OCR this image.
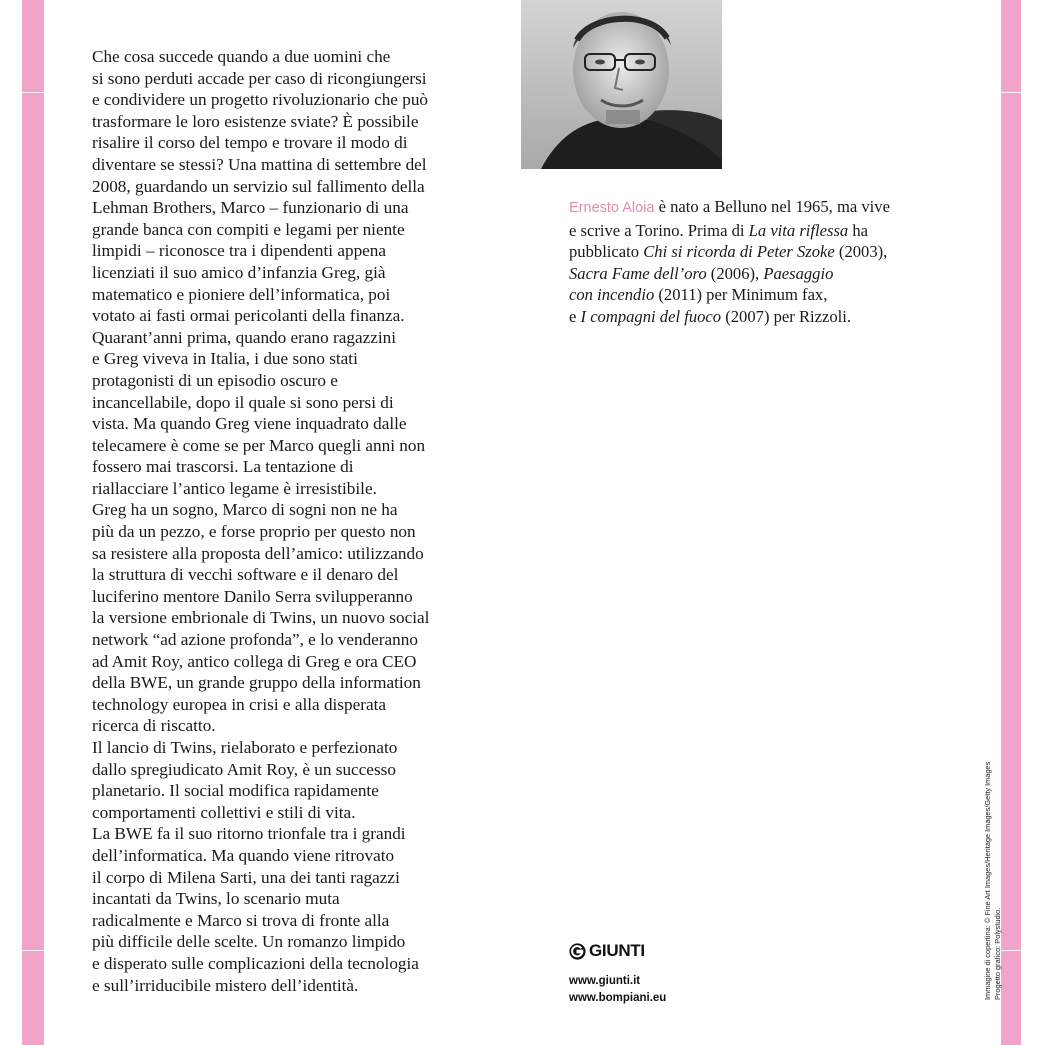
Che cosa succede quando a due uomini che
si sono perduti accade per caso di ricongiungersi
e condividere un progetto rivoluzionario che può
trasformare le loro esistenze sviate? È possibile
risalire il corso del tempo e trovare il modo di
diventare se stessi? Una mattina di settembre del
2008, guardando un servizio sul fallimento della
Lehman Brothers, Marco – funzionario di una
grande banca con compiti e legami per niente
limpidi – riconosce tra i dipendenti appena
licenziati il suo amico d’infanzia Greg, già
matematico e pioniere dell’informatica, poi
votato ai fasti ormai pericolanti della finanza.
Quarant’anni prima, quando erano ragazzini
e Greg viveva in Italia, i due sono stati
protagonisti di un episodio oscuro e
incancellabile, dopo il quale si sono persi di
vista. Ma quando Greg viene inquadrato dalle
telecamere è come se per Marco quegli anni non
fossero mai trascorsi. La tentazione di
riallacciare l’antico legame è irresistibile.
Greg ha un sogno, Marco di sogni non ne ha
più da un pezzo, e forse proprio per questo non
sa resistere alla proposta dell’amico: utilizzando
la struttura di vecchi software e il denaro del
luciferino mentore Danilo Serra svilupperanno
la versione embrionale di Twins, un nuovo social
network “ad azione profonda”, e lo venderanno
ad Amit Roy, antico collega di Greg e ora CEO
della BWE, un grande gruppo della information
technology europea in crisi e alla disperata
ricerca di riscatto.
Il lancio di Twins, rielaborato e perfezionato
dallo spregiudicato Amit Roy, è un successo
planetario. Il social modifica rapidamente
comportamenti collettivi e stili di vita.
La BWE fa il suo ritorno trionfale tra i grandi
dell’informatica. Ma quando viene ritrovato
il corpo di Milena Sarti, una dei tanti ragazzi
incantati da Twins, lo scenario muta
radicalmente e Marco si trova di fronte alla
più difficile delle scelte. Un romanzo limpido
e disperato sulle complicazioni della tecnologia
e sull’irriducibile mistero dell’identità.
Ernesto Aloia è nato a Belluno nel 1965, ma vive
e scrive a Torino. Prima di La vita riflessa ha
pubblicato Chi si ricorda di Peter Szoke (2003),
Sacra Fame dell’oro (2006), Paesaggio
con incendio (2011) per Minimum fax,
e I compagni del fuoco (2007) per Rizzoli.
GIUNTI
www.giunti.it
www.bompiani.eu	Immagine di copertina: © Fine Art Images/Heritage Images/Getty Images Progetto grafico: Polystudio.
